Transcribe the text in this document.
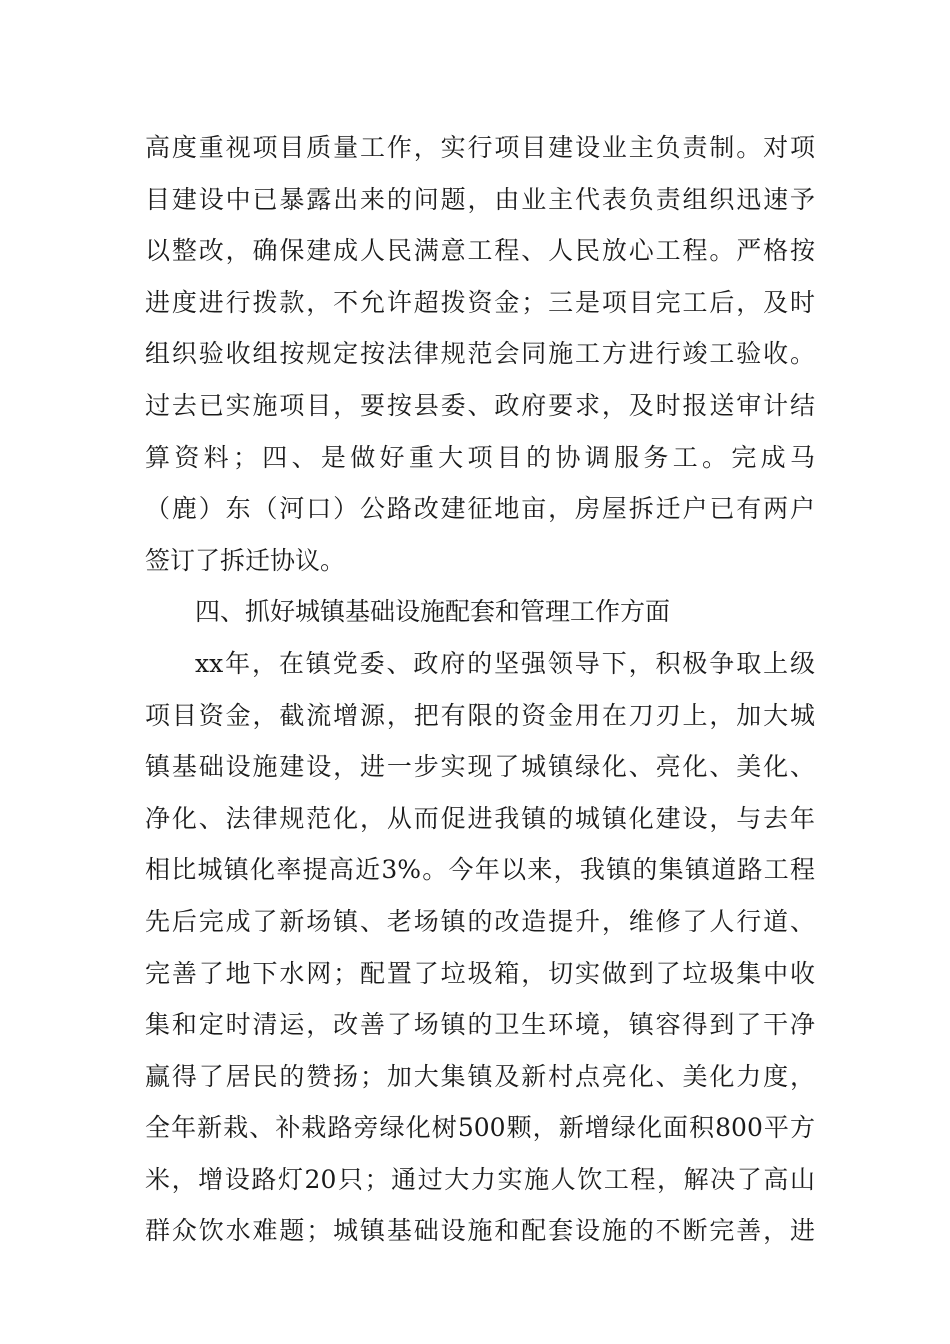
高度重视项目质量工作，实行项目建设业主负责制。对项
目建设中已暴露出来的问题，由业主代表负责组织迅速予
以整改，确保建成人民满意工程、人民放心工程。严格按
进度进行拨款，不允许超拨资金；三是项目完工后，及时
组织验收组按规定按法律规范会同施工方进行竣工验收。
过去已实施项目，要按县委、政府要求，及时报送审计结
算资料；四、是做好重大项目的协调服务工。完成马
（鹿）东（河口）公路改建征地亩，房屋拆迁户已有两户
签订了拆迁协议。
四、抓好城镇基础设施配套和管理工作方面
xx年，在镇党委、政府的坚强领导下，积极争取上级
项目资金，截流增源，把有限的资金用在刀刃上，加大城
镇基础设施建设，进一步实现了城镇绿化、亮化、美化、
净化、法律规范化，从而促进我镇的城镇化建设，与去年
相比城镇化率提高近3%。今年以来，我镇的集镇道路工程
先后完成了新场镇、老场镇的改造提升，维修了人行道、
完善了地下水网；配置了垃圾箱，切实做到了垃圾集中收
集和定时清运，改善了场镇的卫生环境，镇容得到了干净
赢得了居民的赞扬；加大集镇及新村点亮化、美化力度，
全年新栽、补栽路旁绿化树500颗，新增绿化面积800平方
米，增设路灯20只；通过大力实施人饮工程，解决了高山
群众饮水难题；城镇基础设施和配套设施的不断完善，进
